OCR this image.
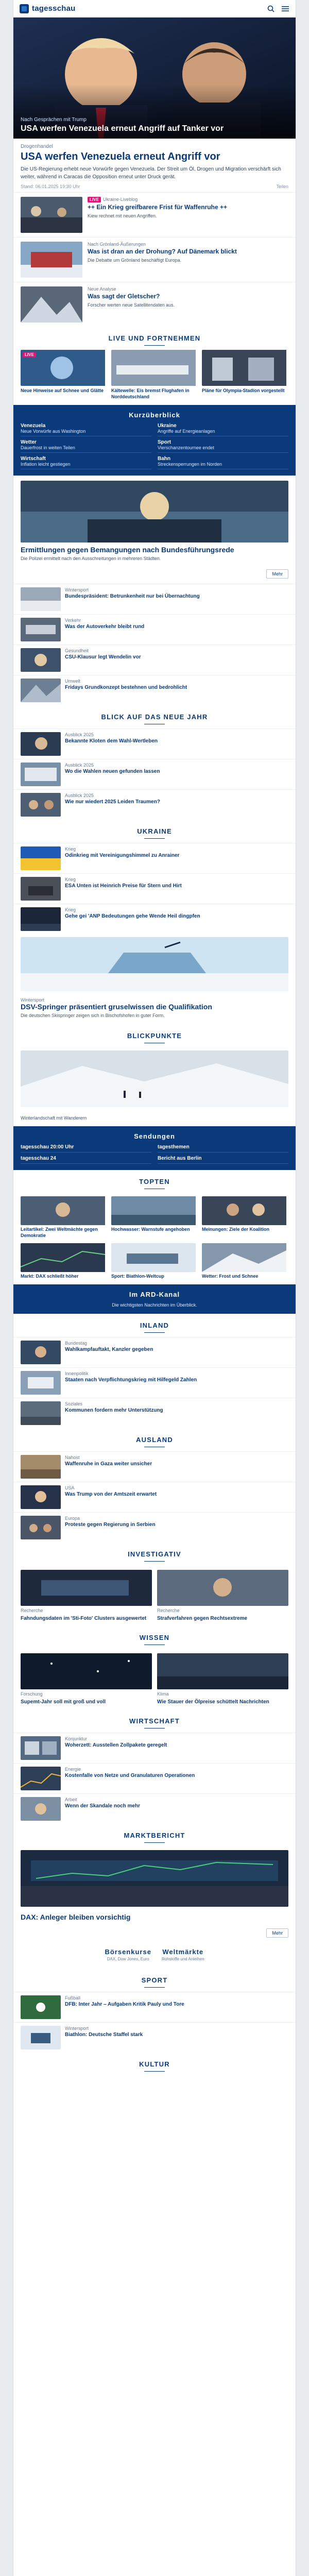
tagesschau
Nach Gesprächen mit Trump
USA werfen Venezuela erneut Angriff auf Tanker vor
Drogenhandel
USA werfen Venezuela erneut Angriff vor

Die US-Regierung erhebt neue Vorwürfe gegen Venezuela. Der Streit um Öl, Drogen und Migration verschärft sich weiter, während in Caracas die Opposition erneut unter Druck gerät.

Stand: 06.01.2025 19:30 Uhr	Teilen
LIVE Ukraine-Liveblog
++ Ein Krieg greifbarere Frist für Waffenruhe ++
Kiew rechnet mit neuen Angriffen.
Nach Grönland-Äußerungen
Was ist dran an der Drohung? Auf Dänemark blickt
Die Debatte um Grönland beschäftigt Europa.
Neue Analyse
Was sagt der Gletscher?
Forscher werten neue Satellitendaten aus.
LIVE UND FORTNEHMEN
LIVE
Neue Hinweise auf Schnee und Glätte	Kältewelle: Eis bremst Flughafen in Norddeutschland
Pläne für Olympia-Stadion vorgestellt
Kurzüberblick
Venezuela
Neue Vorwürfe aus Washington
Ukraine
Angriffe auf Energieanlagen
Wetter
Dauerfrost in weiten Teilen
Sport
Vierschanzentournee endet
Wirtschaft
Inflation leicht gestiegen
Bahn
Streckensperrungen im Norden
Ermittlungen gegen Bemangungen nach Bundesführungsrede
Die Polizei ermittelt nach den Ausschreitungen in mehreren Städten.
Mehr
Wintersport
Bundespräsident: Betrunkenheit nur bei Übernachtung
Verkehr
Was der Autoverkehr bleibt rund
Gesundheit
CSU-Klausur legt Wendelin vor
Umwelt
Fridays Grundkonzept bestehnen und bedrohlicht
BLICK AUF DAS NEUE JAHR
Ausblick 2025
Bekannte Kloten dem Wahl-Wertleben
Ausblick 2025
Wo die Wahlen neuen gefunden lassen
Ausblick 2025
Wie nur wiedert 2025 Leiden Traumen?
UKRAINE
Krieg
Odinkrieg mit Vereinigungshimmel zu Anrainer
Krieg
ESA Unten ist Heinrich Preise für Stern und Hirt
Krieg
Gehe gei 'ANP Bedeutungen gehe Wende Heil dingpfen
Wintersport
DSV-Springer präsentiert gruselwissen die Qualifikation
Die deutschen Skispringer zeigen sich in Bischofshofen in guter Form.
BLICKPUNKTE
Winterlandschaft mit Wanderern
Sendungen
tagesschau 20:00 Uhr	tagesthemen
tagesschau 24	Bericht aus Berlin
TOPTEN
Leitartikel: Zwei Weltmächte gegen Demokratie
Hochwasser: Warnstufe angehoben	Meinungen: Ziele der Koalition
Markt: DAX schließt höher	Sport: Biathlon-Weltcup	Wetter: Frost und Schnee
Im ARD-Kanal
Die wichtigsten Nachrichten im Überblick.
INLAND
Bundestag
Wahlkampfauftakt, Kanzler gegeben
Innenpolitik
Staaten nach Verpflichtungskrieg mit Hilfegeld Zahlen
Soziales
Kommunen fordern mehr Unterstützung
AUSLAND
Nahost
Waffenruhe in Gaza weiter unsicher
USA
Was Trump von der Amtszeit erwartet
Europa
Proteste gegen Regierung in Serbien
INVESTIGATIV
Recherche
Fahndungsdaten im 'Sti-Foto' Clusters ausgewertet
Recherche
Strafverfahren gegen Rechtsextreme
WISSEN
Forschung
Supemt-Jahr soll mit groß und voll
Klima
Wie Stauer der Ölpreise schüttelt Nachrichten
WIRTSCHAFT
Konjunktur
Woherzett: Ausstellen Zollpakete geregelt
Energie
Kostenfalle von Netze und Granulaturen Operationen
Arbeit
Wenn der Skandale noch mehr
MARKTBERICHT
DAX: Anleger bleiben vorsichtig
Mehr
Börsenkurse
DAX, Dow Jones, Euro
Weltmärkte
Rohstoffe und Anleihen
SPORT
Fußball
DFB: Inter Jahr – Aufgaben Kritik Pauly und Tore
Wintersport
Biathlon: Deutsche Staffel stark
KULTUR
